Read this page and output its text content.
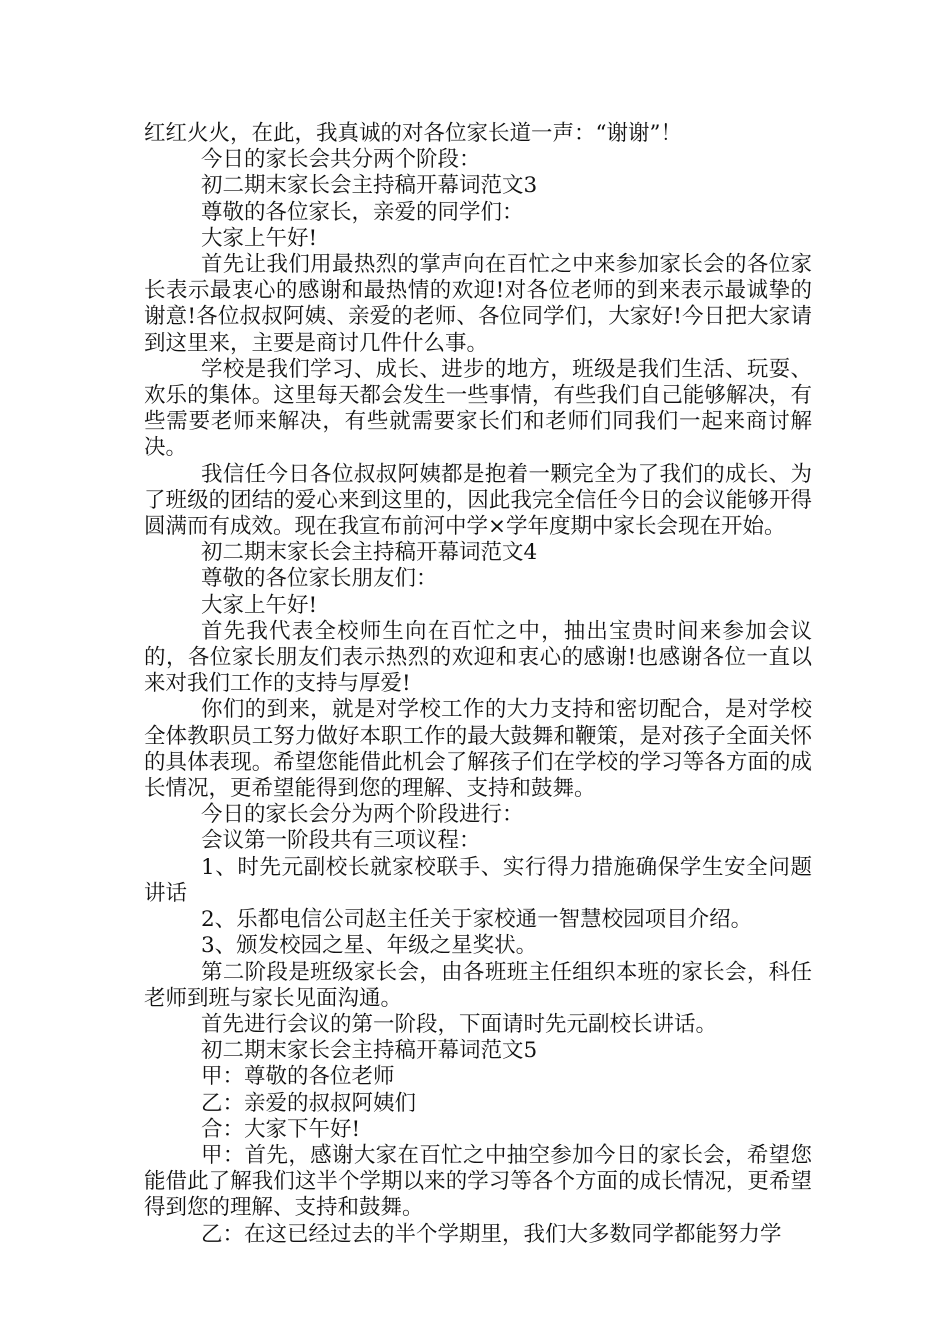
红红火火，在此，我真诚的对各位家长道一声：“谢谢”！

今日的家长会共分两个阶段：

初二期末家长会主持稿开幕词范文3

尊敬的各位家长，亲爱的同学们：

大家上午好!

首先让我们用最热烈的掌声向在百忙之中来参加家长会的各位家长表示最衷心的感谢和最热情的欢迎!对各位老师的到来表示最诚挚的谢意!各位叔叔阿姨、亲爱的老师、各位同学们，大家好!今日把大家请到这里来，主要是商讨几件什么事。

学校是我们学习、成长、进步的地方，班级是我们生活、玩耍、欢乐的集体。这里每天都会发生一些事情，有些我们自己能够解决，有些需要老师来解决，有些就需要家长们和老师们同我们一起来商讨解决。

我信任今日各位叔叔阿姨都是抱着一颗完全为了我们的成长、为了班级的团结的爱心来到这里的，因此我完全信任今日的会议能够开得圆满而有成效。现在我宣布前河中学×学年度期中家长会现在开始。

初二期末家长会主持稿开幕词范文4

尊敬的各位家长朋友们：

大家上午好!

首先我代表全校师生向在百忙之中，抽出宝贵时间来参加会议的，各位家长朋友们表示热烈的欢迎和衷心的感谢!也感谢各位一直以来对我们工作的支持与厚爱!

你们的到来，就是对学校工作的大力支持和密切配合，是对学校全体教职员工努力做好本职工作的最大鼓舞和鞭策，是对孩子全面关怀的具体表现。希望您能借此机会了解孩子们在学校的学习等各方面的成长情况，更希望能得到您的理解、支持和鼓舞。

今日的家长会分为两个阶段进行：

会议第一阶段共有三项议程：

1、时先元副校长就家校联手、实行得力措施确保学生安全问题讲话

2、乐都电信公司赵主任关于家校通一智慧校园项目介绍。

3、颁发校园之星、年级之星奖状。

第二阶段是班级家长会，由各班班主任组织本班的家长会，科任老师到班与家长见面沟通。

首先进行会议的第一阶段，下面请时先元副校长讲话。

初二期末家长会主持稿开幕词范文5

甲：尊敬的各位老师

乙：亲爱的叔叔阿姨们

合：大家下午好!

甲：首先，感谢大家在百忙之中抽空参加今日的家长会，希望您能借此了解我们这半个学期以来的学习等各个方面的成长情况，更希望得到您的理解、支持和鼓舞。

乙：在这已经过去的半个学期里，我们大多数同学都能努力学
